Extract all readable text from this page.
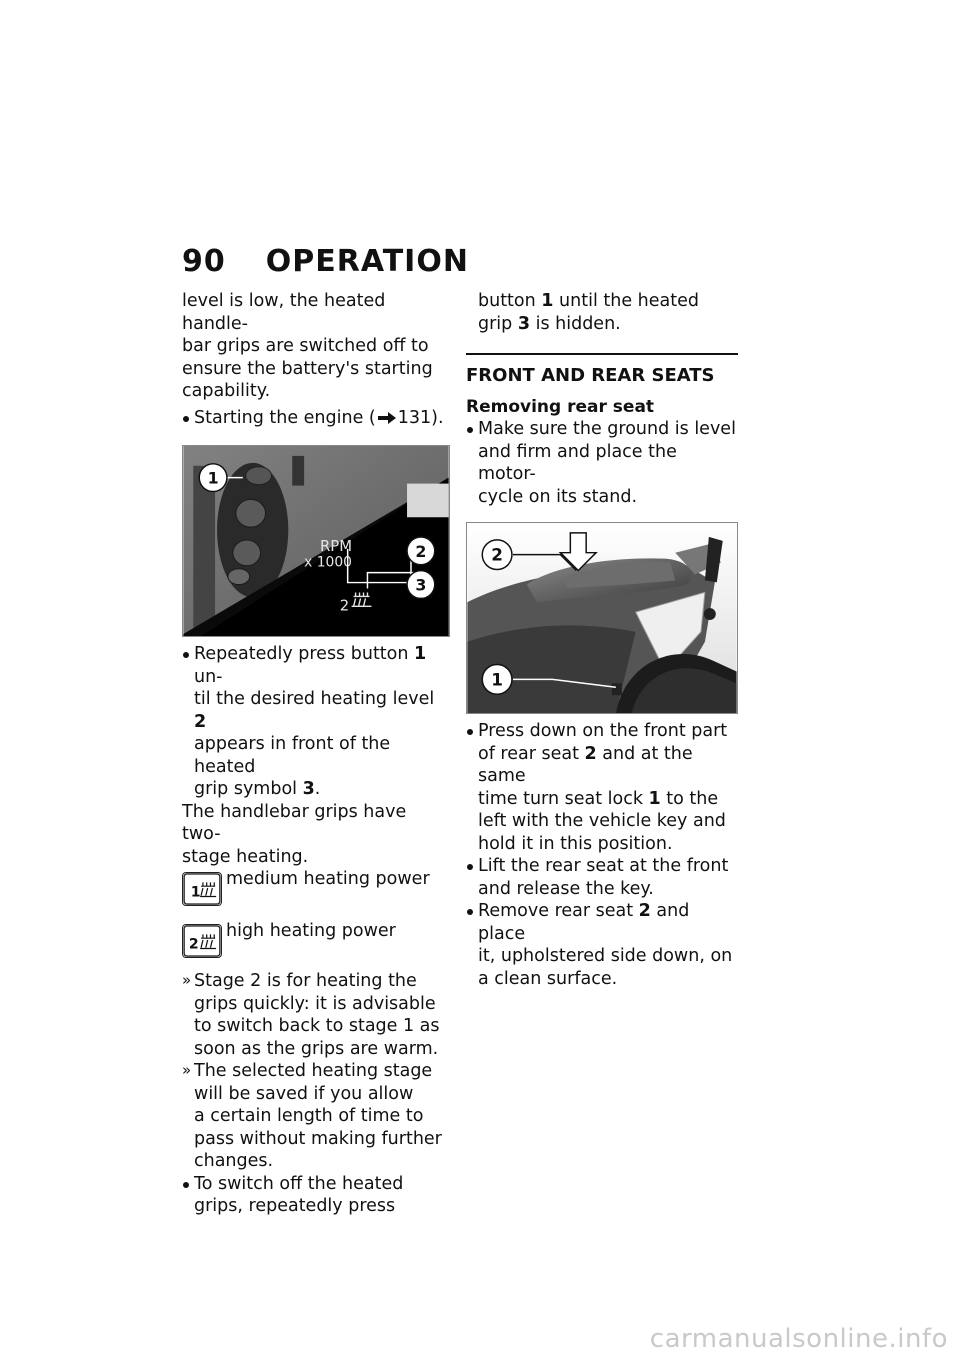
90 OPERATION

level is low, the heated handle-
bar grips are switched off to
ensure the battery's starting
capability.

Starting the engine ( 131).

RPM
x 1000
2
1
2
3

Repeatedly press button 1 un-
til the desired heating level 2
appears in front of the heated
grip symbol 3.

The handlebar grips have two-
stage heating.

1
medium heating power
2
high heating power

» Stage 2 is for heating the
grips quickly: it is advisable
to switch back to stage 1 as
soon as the grips are warm.

» The selected heating stage
will be saved if you allow
a certain length of time to
pass without making further
changes.

To switch off the heated
grips, repeatedly press

button 1 until the heated
grip 3 is hidden.

FRONT AND REAR SEATS
Removing rear seat

Make sure the ground is level
and firm and place the motor-
cycle on its stand.

2
1

Press down on the front part
of rear seat 2 and at the same
time turn seat lock 1 to the
left with the vehicle key and
hold it in this position.

Lift the rear seat at the front
and release the key.

Remove rear seat 2 and place
it, upholstered side down, on
a clean surface.

carmanualsonline.info
